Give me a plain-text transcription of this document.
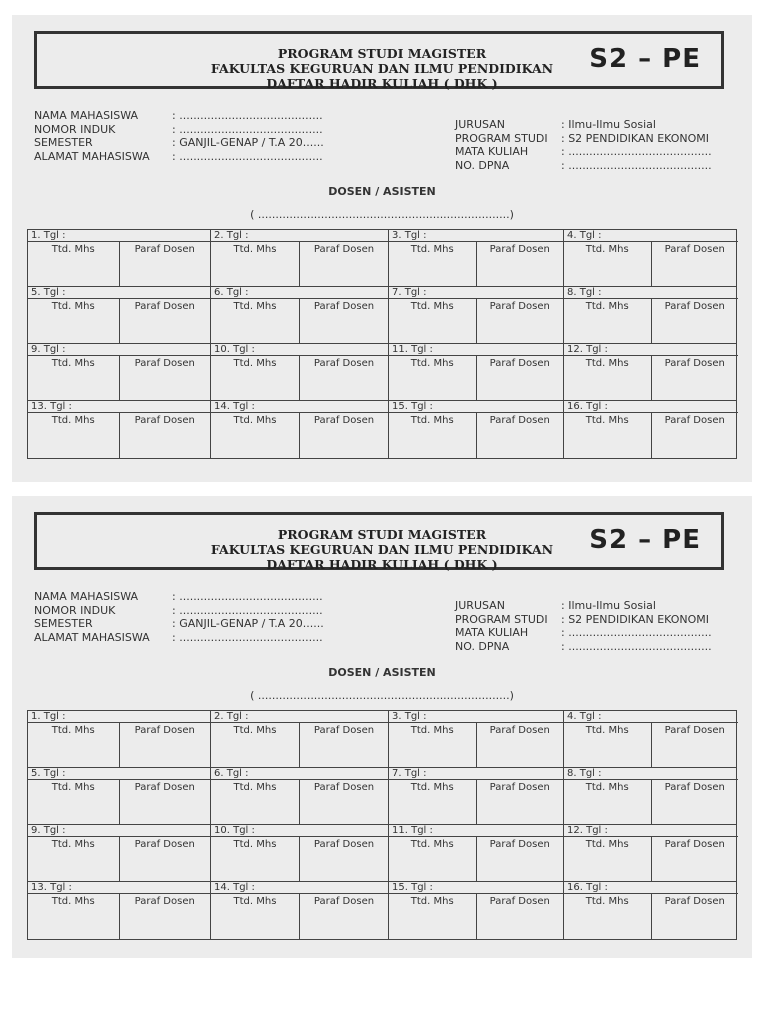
PROGRAM STUDI MAGISTER
FAKULTAS KEGURUAN DAN ILMU PENDIDIKAN
DAFTAR HADIR KULIAH ( DHK )
S2 – PE
NAMA MAHASISWA	: .........................................
NOMOR INDUK	: .........................................
SEMESTER	: GANJIL-GENAP / T.A 20......
ALAMAT MAHASISWA : .........................................
JURUSAN	: Ilmu-Ilmu Sosial
PROGRAM STUDI : S2 PENDIDIKAN EKONOMI
MATA KULIAH	: .........................................
NO. DPNA	: .........................................
DOSEN / ASISTEN
( ........................................................................)
1. Tgl :
Ttd. Mhs	Paraf Dosen
2. Tgl :
Ttd. Mhs	Paraf Dosen
3. Tgl :
Ttd. Mhs	Paraf Dosen
4. Tgl :
Ttd. Mhs	Paraf Dosen
5. Tgl :
Ttd. Mhs	Paraf Dosen
6. Tgl :
Ttd. Mhs	Paraf Dosen
7. Tgl :
Ttd. Mhs	Paraf Dosen
8. Tgl :
Ttd. Mhs	Paraf Dosen
9. Tgl :
Ttd. Mhs	Paraf Dosen
10. Tgl :
Ttd. Mhs	Paraf Dosen
11. Tgl :
Ttd. Mhs	Paraf Dosen
12. Tgl :
Ttd. Mhs	Paraf Dosen
13. Tgl :
Ttd. Mhs	Paraf Dosen
14. Tgl :
Ttd. Mhs	Paraf Dosen
15. Tgl :
Ttd. Mhs	Paraf Dosen
16. Tgl :
Ttd. Mhs	Paraf Dosen
PROGRAM STUDI MAGISTER
FAKULTAS KEGURUAN DAN ILMU PENDIDIKAN
DAFTAR HADIR KULIAH ( DHK )
S2 – PE
NAMA MAHASISWA	: .........................................
NOMOR INDUK	: .........................................
SEMESTER	: GANJIL-GENAP / T.A 20......
ALAMAT MAHASISWA : .........................................
JURUSAN	: Ilmu-Ilmu Sosial
PROGRAM STUDI : S2 PENDIDIKAN EKONOMI
MATA KULIAH	: .........................................
NO. DPNA	: .........................................
DOSEN / ASISTEN
( ........................................................................)
1. Tgl :
Ttd. Mhs	Paraf Dosen
2. Tgl :
Ttd. Mhs	Paraf Dosen
3. Tgl :
Ttd. Mhs	Paraf Dosen
4. Tgl :
Ttd. Mhs	Paraf Dosen
5. Tgl :
Ttd. Mhs	Paraf Dosen
6. Tgl :
Ttd. Mhs	Paraf Dosen
7. Tgl :
Ttd. Mhs	Paraf Dosen
8. Tgl :
Ttd. Mhs	Paraf Dosen
9. Tgl :
Ttd. Mhs	Paraf Dosen
10. Tgl :
Ttd. Mhs	Paraf Dosen
11. Tgl :
Ttd. Mhs	Paraf Dosen
12. Tgl :
Ttd. Mhs	Paraf Dosen
13. Tgl :
Ttd. Mhs	Paraf Dosen
14. Tgl :
Ttd. Mhs	Paraf Dosen
15. Tgl :
Ttd. Mhs	Paraf Dosen
16. Tgl :
Ttd. Mhs	Paraf Dosen
